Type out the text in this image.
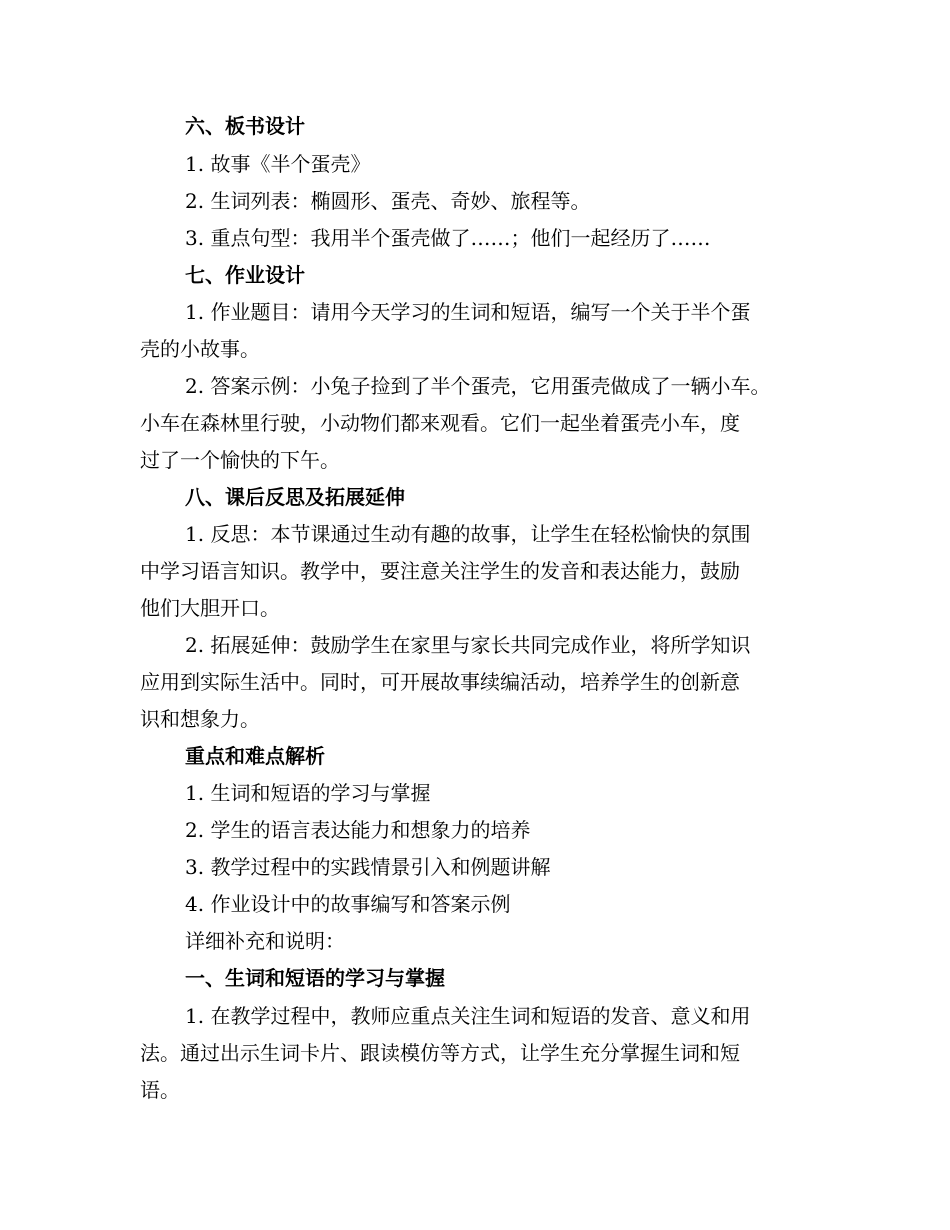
六、板书设计
1. 故事《半个蛋壳》
2. 生词列表：椭圆形、蛋壳、奇妙、旅程等。
3. 重点句型：我用半个蛋壳做了……；他们一起经历了……
七、作业设计
1. 作业题目：请用今天学习的生词和短语，编写一个关于半个蛋
壳的小故事。
2. 答案示例：小兔子捡到了半个蛋壳，它用蛋壳做成了一辆小车。
小车在森林里行驶，小动物们都来观看。它们一起坐着蛋壳小车，度
过了一个愉快的下午。
八、课后反思及拓展延伸
1. 反思：本节课通过生动有趣的故事，让学生在轻松愉快的氛围
中学习语言知识。教学中，要注意关注学生的发音和表达能力，鼓励
他们大胆开口。
2. 拓展延伸：鼓励学生在家里与家长共同完成作业，将所学知识
应用到实际生活中。同时，可开展故事续编活动，培养学生的创新意
识和想象力。
重点和难点解析
1. 生词和短语的学习与掌握
2. 学生的语言表达能力和想象力的培养
3. 教学过程中的实践情景引入和例题讲解
4. 作业设计中的故事编写和答案示例
详细补充和说明：
一、生词和短语的学习与掌握
1. 在教学过程中，教师应重点关注生词和短语的发音、意义和用
法。通过出示生词卡片、跟读模仿等方式，让学生充分掌握生词和短
语。
